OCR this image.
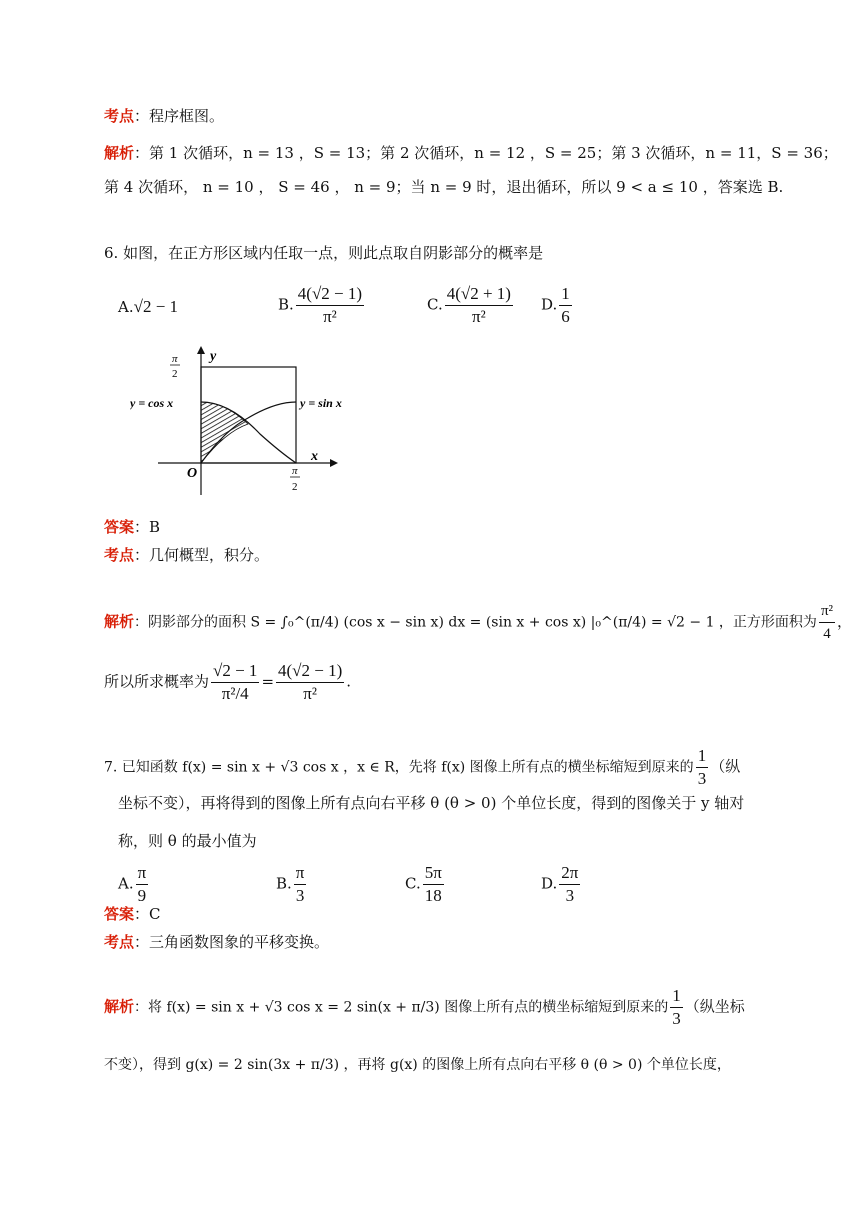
考点：程序框图。
解析：第 1 次循环，n = 13 ，S = 13；第 2 次循环，n = 12 ，S = 25；第 3 次循环，n = 11，S = 36；
第 4 次循环， n = 10 ， S = 46 ， n = 9；当 n = 9 时，退出循环，所以 9 < a ≤ 10 ，答案选 B.
6. 如图，在正方形区域内任取一点，则此点取自阴影部分的概率是
A.√2 − 1	B. $\frac{4(√2 - 1)}{\text{π²}}$	C. $\frac{4(√2 + 1)}{\text{π²}} D$. $\frac{1}{6}$
y
x
O
π
2
π
2
y = cos x	y = sin x
答案：B
考点：几何概型，积分。
解析：阴影部分的面积 S = ∫₀^(π/4) (cos x − sin x) dx = (sin x + cos x) |₀^(π/4) = √2 − 1 ，正方形面积为 $\frac{\text{π²}}{4}$ ，
所以所求概率为 $\frac{√2 - 1}{\text{π²/4}} = \frac{4(√2 - 1)}{\text{π²}}$ .
7. 已知函数 f(x) = sin x + √3 cos x ，x ∈ R，先将 f(x) 图像上所有点的横坐标缩短到原来的 $\frac{1}{3}$ （纵
坐标不变），再将得到的图像上所有点向右平移 θ (θ > 0) 个单位长度，得到的图像关于 y 轴对
称，则 θ 的最小值为
A. $\frac{\pi}{9}$	B. $\frac{\pi}{3}$	C. $\frac{5\pi}{18}$	D. $\frac{2\pi}{3}$
答案：C
考点：三角函数图象的平移变换。
解析：将 f(x) = sin x + √3 cos x = 2 sin(x + π/3) 图像上所有点的横坐标缩短到原来的 $\frac{1}{3}$ （纵坐标
不变），得到 g(x) = 2 sin(3x + π/3) ，再将 g(x) 的图像上所有点向右平移 θ (θ > 0) 个单位长度，
